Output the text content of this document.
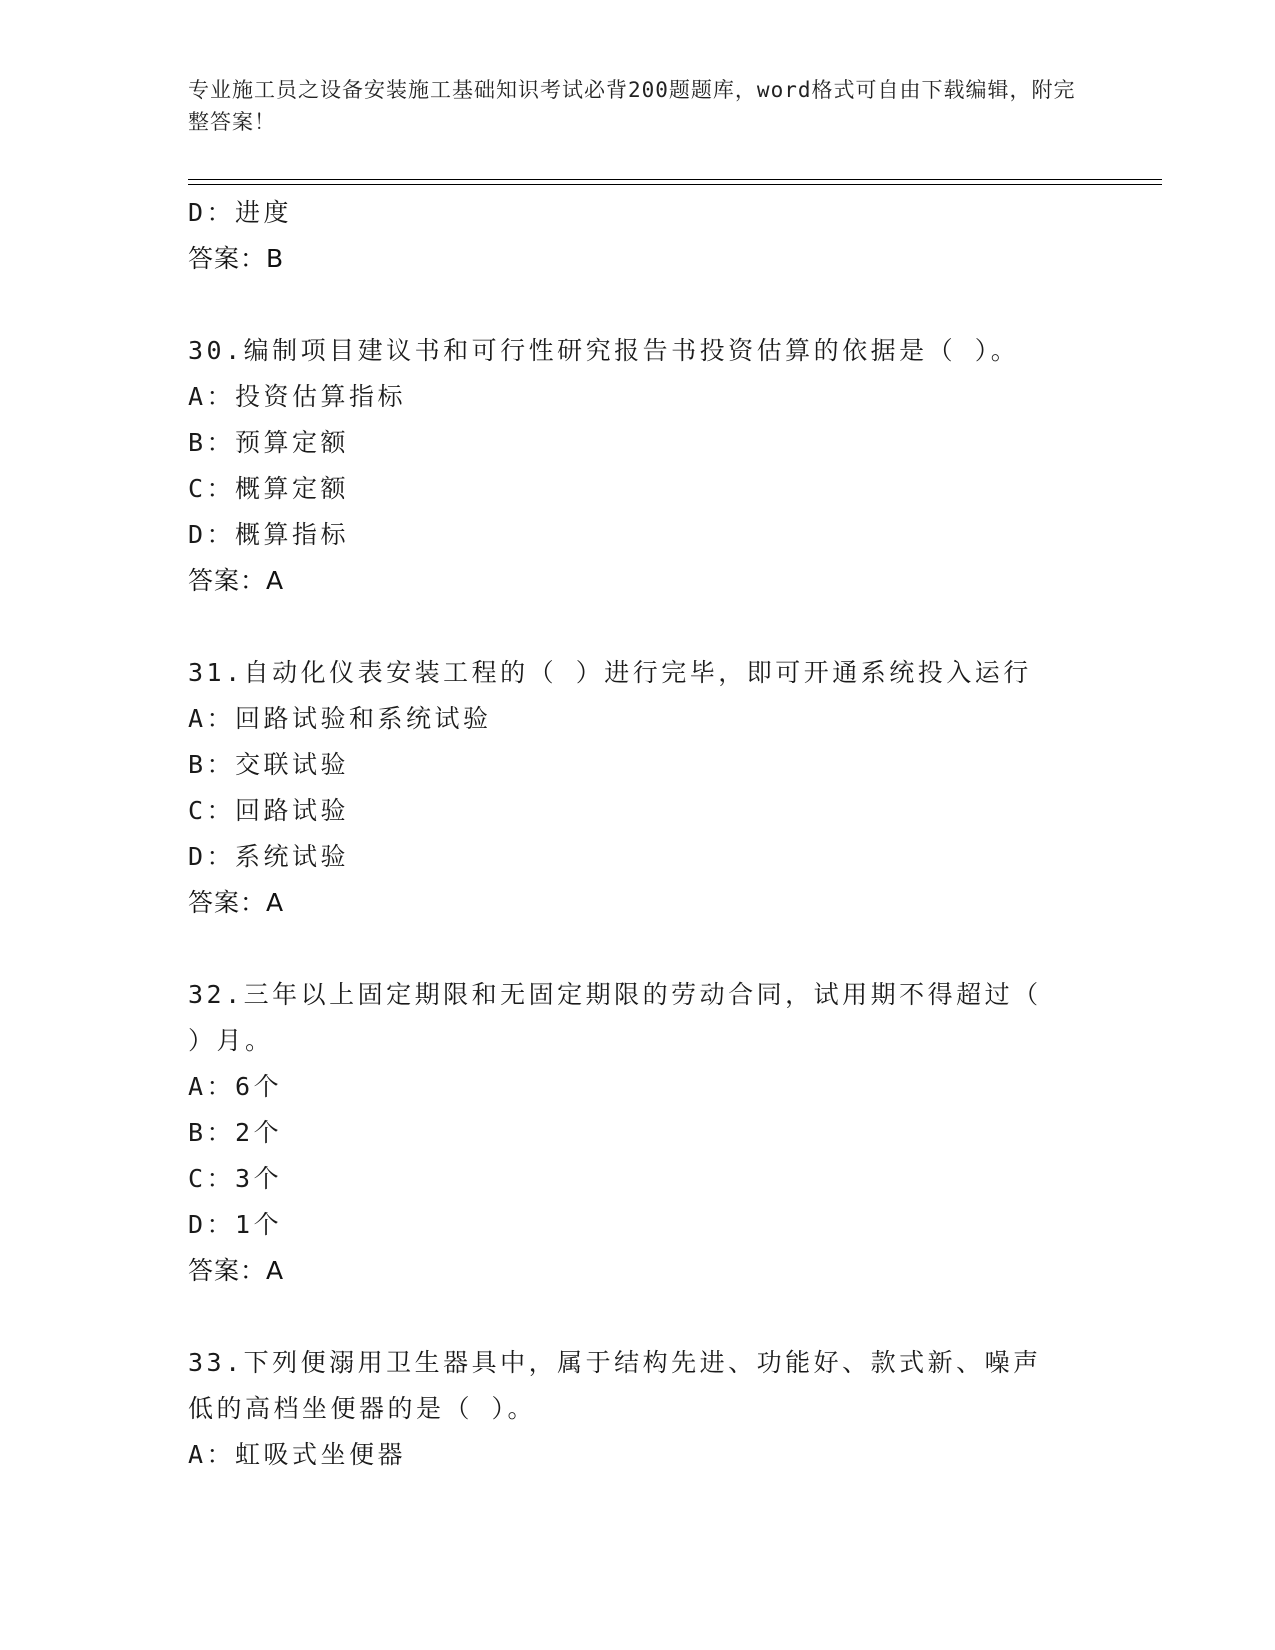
专业施工员之设备安装施工基础知识考试必背200题题库，word格式可自由下载编辑，附完整答案！
D：进度
答案：B
30.编制项目建议书和可行性研究报告书投资估算的依据是（ ）。
A：投资估算指标
B：预算定额
C：概算定额
D：概算指标
答案：A
31.自动化仪表安装工程的（ ）进行完毕，即可开通系统投入运行
A：回路试验和系统试验
B：交联试验
C：回路试验
D：系统试验
答案：A
32.三年以上固定期限和无固定期限的劳动合同，试用期不得超过（ ）月。
A：6个
B：2个
C：3个
D：1个
答案：A
33.下列便溺用卫生器具中，属于结构先进、功能好、款式新、噪声低的高档坐便器的是（ ）。
A：虹吸式坐便器
